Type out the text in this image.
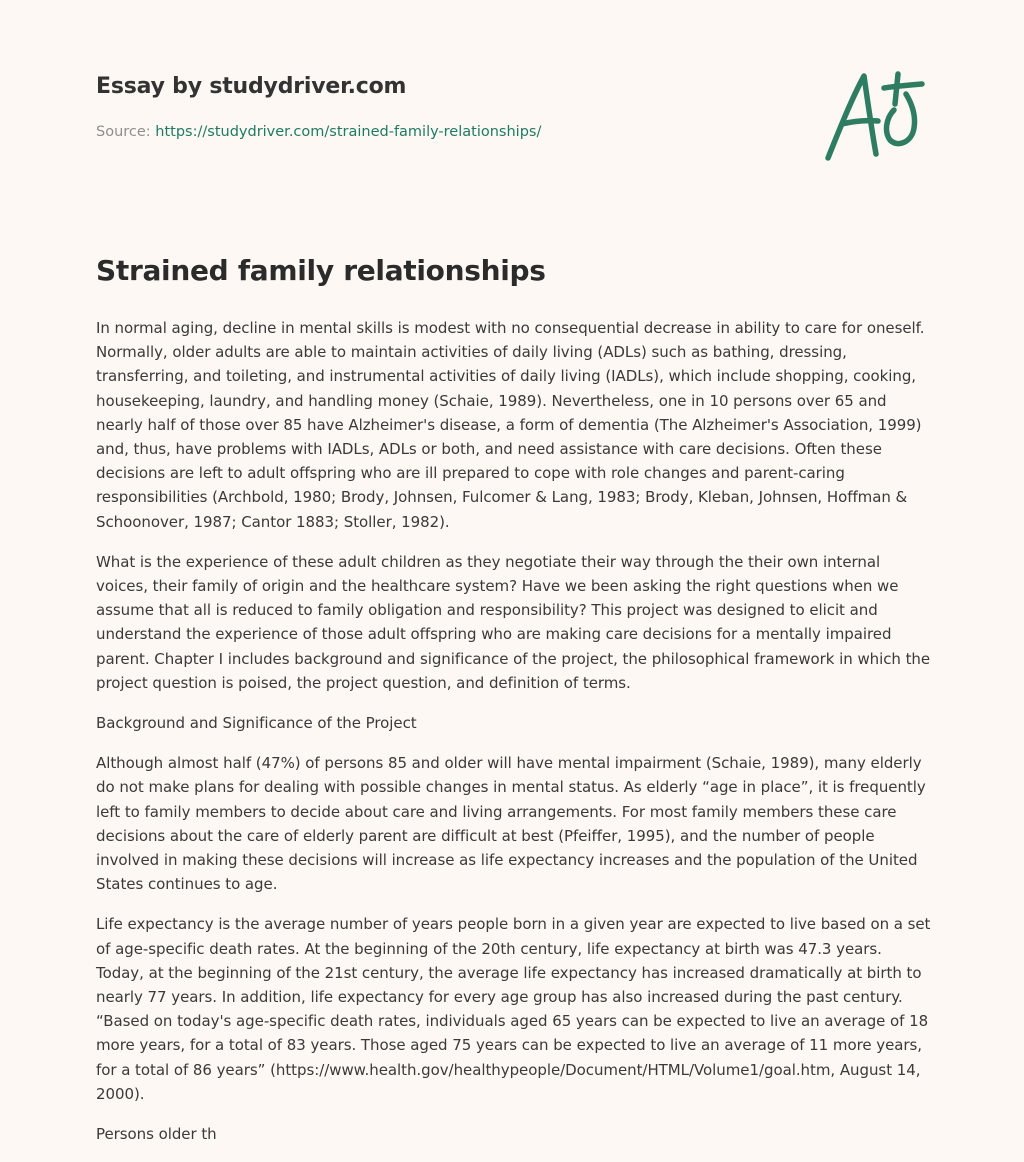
Essay by studydriver.com
Source: https://studydriver.com/strained-family-relationships/
Strained family relationships

In normal aging, decline in mental skills is modest with no consequential decrease in ability to care for oneself. Normally, older adults are able to maintain activities of daily living (ADLs) such as bathing, dressing, transferring, and toileting, and instrumental activities of daily living (IADLs), which include shopping, cooking, housekeeping, laundry, and handling money (Schaie, 1989). Nevertheless, one in 10 persons over 65 and nearly half of those over 85 have Alzheimer's disease, a form of dementia (The Alzheimer's Association, 1999) and, thus, have problems with IADLs, ADLs or both, and need assistance with care decisions. Often these decisions are left to adult offspring who are ill prepared to cope with role changes and parent-caring responsibilities (Archbold, 1980; Brody, Johnsen, Fulcomer & Lang, 1983; Brody, Kleban, Johnsen, Hoffman & Schoonover, 1987; Cantor 1883; Stoller, 1982).

What is the experience of these adult children as they negotiate their way through the their own internal voices, their family of origin and the healthcare system? Have we been asking the right questions when we assume that all is reduced to family obligation and responsibility? This project was designed to elicit and understand the experience of those adult offspring who are making care decisions for a mentally impaired parent. Chapter I includes background and significance of the project, the philosophical framework in which the project question is poised, the project question, and definition of terms.

Background and Significance of the Project

Although almost half (47%) of persons 85 and older will have mental impairment (Schaie, 1989), many elderly do not make plans for dealing with possible changes in mental status. As elderly “age in place”, it is frequently left to family members to decide about care and living arrangements. For most family members these care decisions about the care of elderly parent are difficult at best (Pfeiffer, 1995), and the number of people involved in making these decisions will increase as life expectancy increases and the population of the United States continues to age.

Life expectancy is the average number of years people born in a given year are expected to live based on a set of age-specific death rates. At the beginning of the 20th century, life expectancy at birth was 47.3 years. Today, at the beginning of the 21st century, the average life expectancy has increased dramatically at birth to nearly 77 years. In addition, life expectancy for every age group has also increased during the past century. “Based on today's age-specific death rates, individuals aged 65 years can be expected to live an average of 18 more years, for a total of 83 years. Those aged 75 years can be expected to live an average of 11 more years, for a total of 86 years” (https://www.health.gov/healthypeople/Document/HTML/Volume1/goal.htm, August 14, 2000).

Persons older th
